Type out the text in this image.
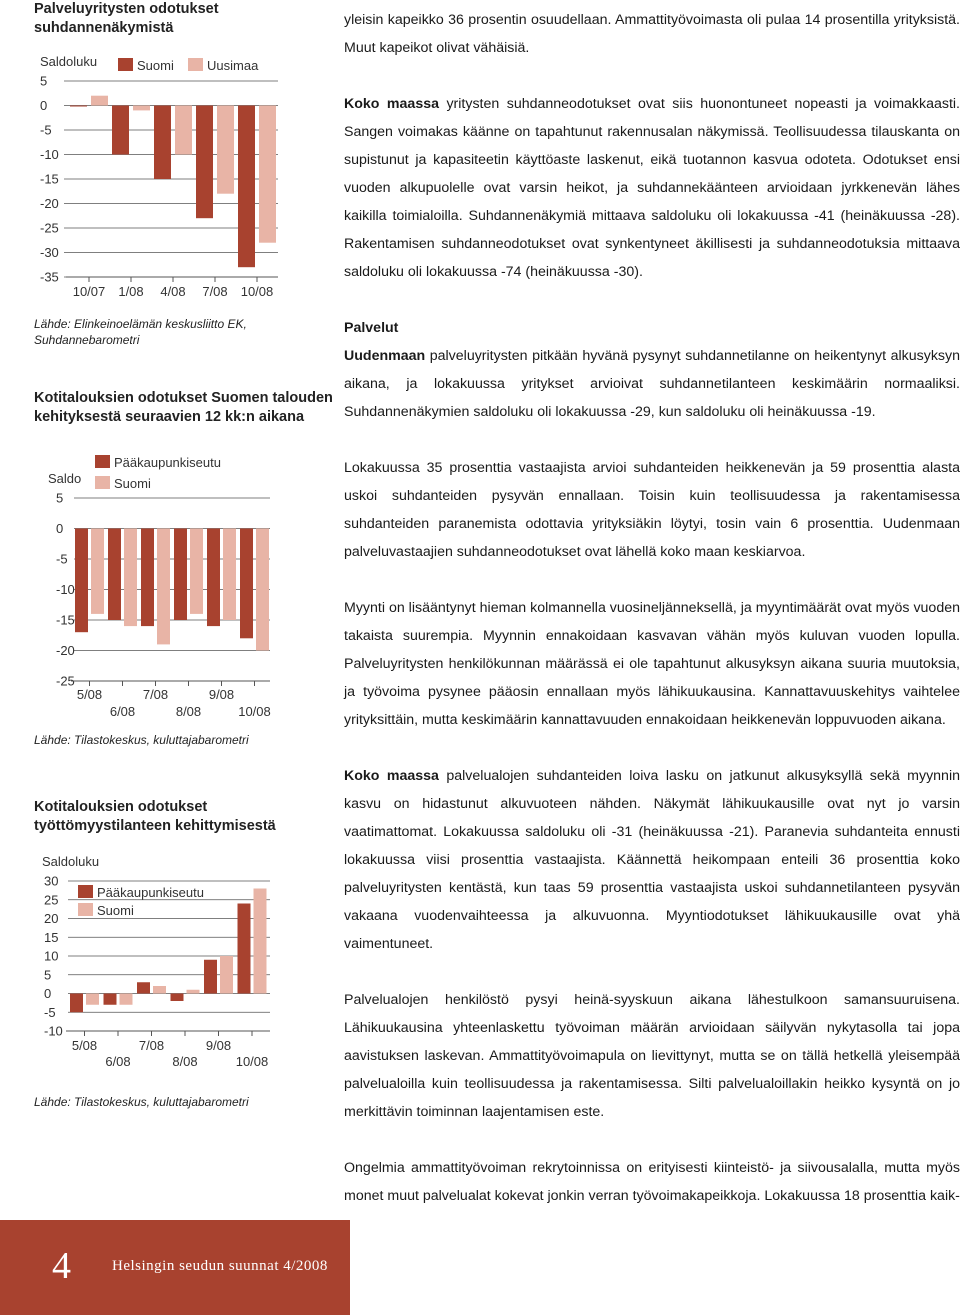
Palveluyritysten odotukset suhdannenäkymistä
5
0
-5
-10
-15
-20
-25
-30
-35
Saldoluku
10/07 1/08 4/08 7/08 10/08
Suomi	Uusimaa
Lähde: Elinkeinoelämän keskusliitto EK, Suhdannebarometri
Kotitalouksien odotukset Suomen talouden kehityksestä seuraavien 12 kk:n aikana
5
0
-5
-10
-15
-20
-25
Saldo
5/08
6/08
7/08
8/08
9/08
10/08
Pääkaupunkiseutu
Suomi
Lähde: Tilastokeskus, kuluttajabarometri
Kotitalouksien odotukset työttömyystilanteen kehittymisestä
30
25
20
15
10
5
0
-5
-10
Saldoluku
5/08
6/08
7/08
8/08
9/08
10/08
Pääkaupunkiseutu
Suomi
Lähde: Tilastokeskus, kuluttajabarometri

yleisin kapeikko 36 prosentin osuudellaan. Ammattityövoimasta oli pulaa 14 prosentilla yrityksistä. Muut kapeikot olivat vähäisiä.

Koko maassa yritysten suhdanneodotukset ovat siis huonontuneet nopeasti ja voimakkaasti. Sangen voimakas käänne on tapahtunut rakennusalan näkymissä. Teollisuudessa tilauskanta on supistunut ja kapasiteetin käyttöaste laskenut, eikä tuotannon kasvua odoteta. Odotukset ensi vuoden alkupuolelle ovat varsin heikot, ja suhdannekäänteen arvioidaan jyrkkenevän lähes kaikilla toimialoilla. Suhdannenäkymiä mittaava saldoluku oli lokakuussa -41 (heinäkuussa -28). Rakentamisen suhdanneodotukset ovat synkentyneet äkillisesti ja suhdanneodotuksia mittaava saldoluku oli lokakuussa -74 (heinäkuussa -30).

Palvelut

Uudenmaan palveluyritysten pitkään hyvänä pysynyt suhdannetilanne on heikentynyt alkusyksyn aikana, ja lokakuussa yritykset arvioivat suhdannetilanteen keskimäärin normaaliksi. Suhdannenäkymien saldoluku oli lokakuussa -29, kun saldoluku oli heinäkuussa -19.

Lokakuussa 35 prosenttia vastaajista arvioi suhdanteiden heikkenevän ja 59 prosenttia alasta uskoi suhdanteiden pysyvän ennallaan. Toisin kuin teollisuudessa ja rakentamisessa suhdanteiden paranemista odottavia yrityksiäkin löytyi, tosin vain 6 prosenttia. Uudenmaan palveluvastaajien suhdanneodotukset ovat lähellä koko maan keskiarvoa.

Myynti on lisääntynyt hieman kolmannella vuosineljänneksellä, ja myyntimäärät ovat myös vuoden takaista suurempia. Myynnin ennakoidaan kasvavan vähän myös kuluvan vuoden lopulla. Palveluyritysten henkilökunnan määrässä ei ole tapahtunut alkusyksyn aikana suuria muutoksia, ja työvoima pysynee pääosin ennallaan myös lähikuukausina. Kannattavuuskehitys vaihtelee yrityksittäin, mutta keskimäärin kannattavuuden ennakoidaan heikkenevän loppuvuoden aikana.

Koko maassa palvelualojen suhdanteiden loiva lasku on jatkunut alkusyksyllä sekä myynnin kasvu on hidastunut alkuvuoteen nähden. Näkymät lähikuukausille ovat nyt jo varsin vaatimattomat. Lokakuussa saldoluku oli -31 (heinäkuussa -21). Paranevia suhdanteita ennusti lokakuussa viisi prosenttia vastaajista. Käännettä heikompaan enteili 36 prosenttia koko palveluyritysten kentästä, kun taas 59 prosenttia vastaajista uskoi suhdannetilanteen pysyvän vakaana vuodenvaihteessa ja alkuvuonna. Myyntiodotukset lähikuukausille ovat yhä vaimentuneet.

Palvelualojen henkilöstö pysyi heinä-syyskuun aikana lähestulkoon samansuuruisena. Lähikuukausina yhteenlaskettu työvoiman määrän arvioidaan säilyvän nykytasolla tai jopa aavistuksen laskevan. Ammattityövoimapula on lievittynyt, mutta se on tällä hetkellä yleisempää palvelualoilla kuin teollisuudessa ja rakentamisessa. Silti palvelualoillakin heikko kysyntä on jo merkittävin toiminnan laajentamisen este.

Ongelmia ammattityövoiman rekrytoinnissa on erityisesti kiinteistö- ja siivousalalla, mutta myös monet muut palvelualat kokevat jonkin verran työvoimakapeikkoja. Lokakuussa 18 prosenttia kaik-

4	Helsingin seudun suunnat 4/2008
